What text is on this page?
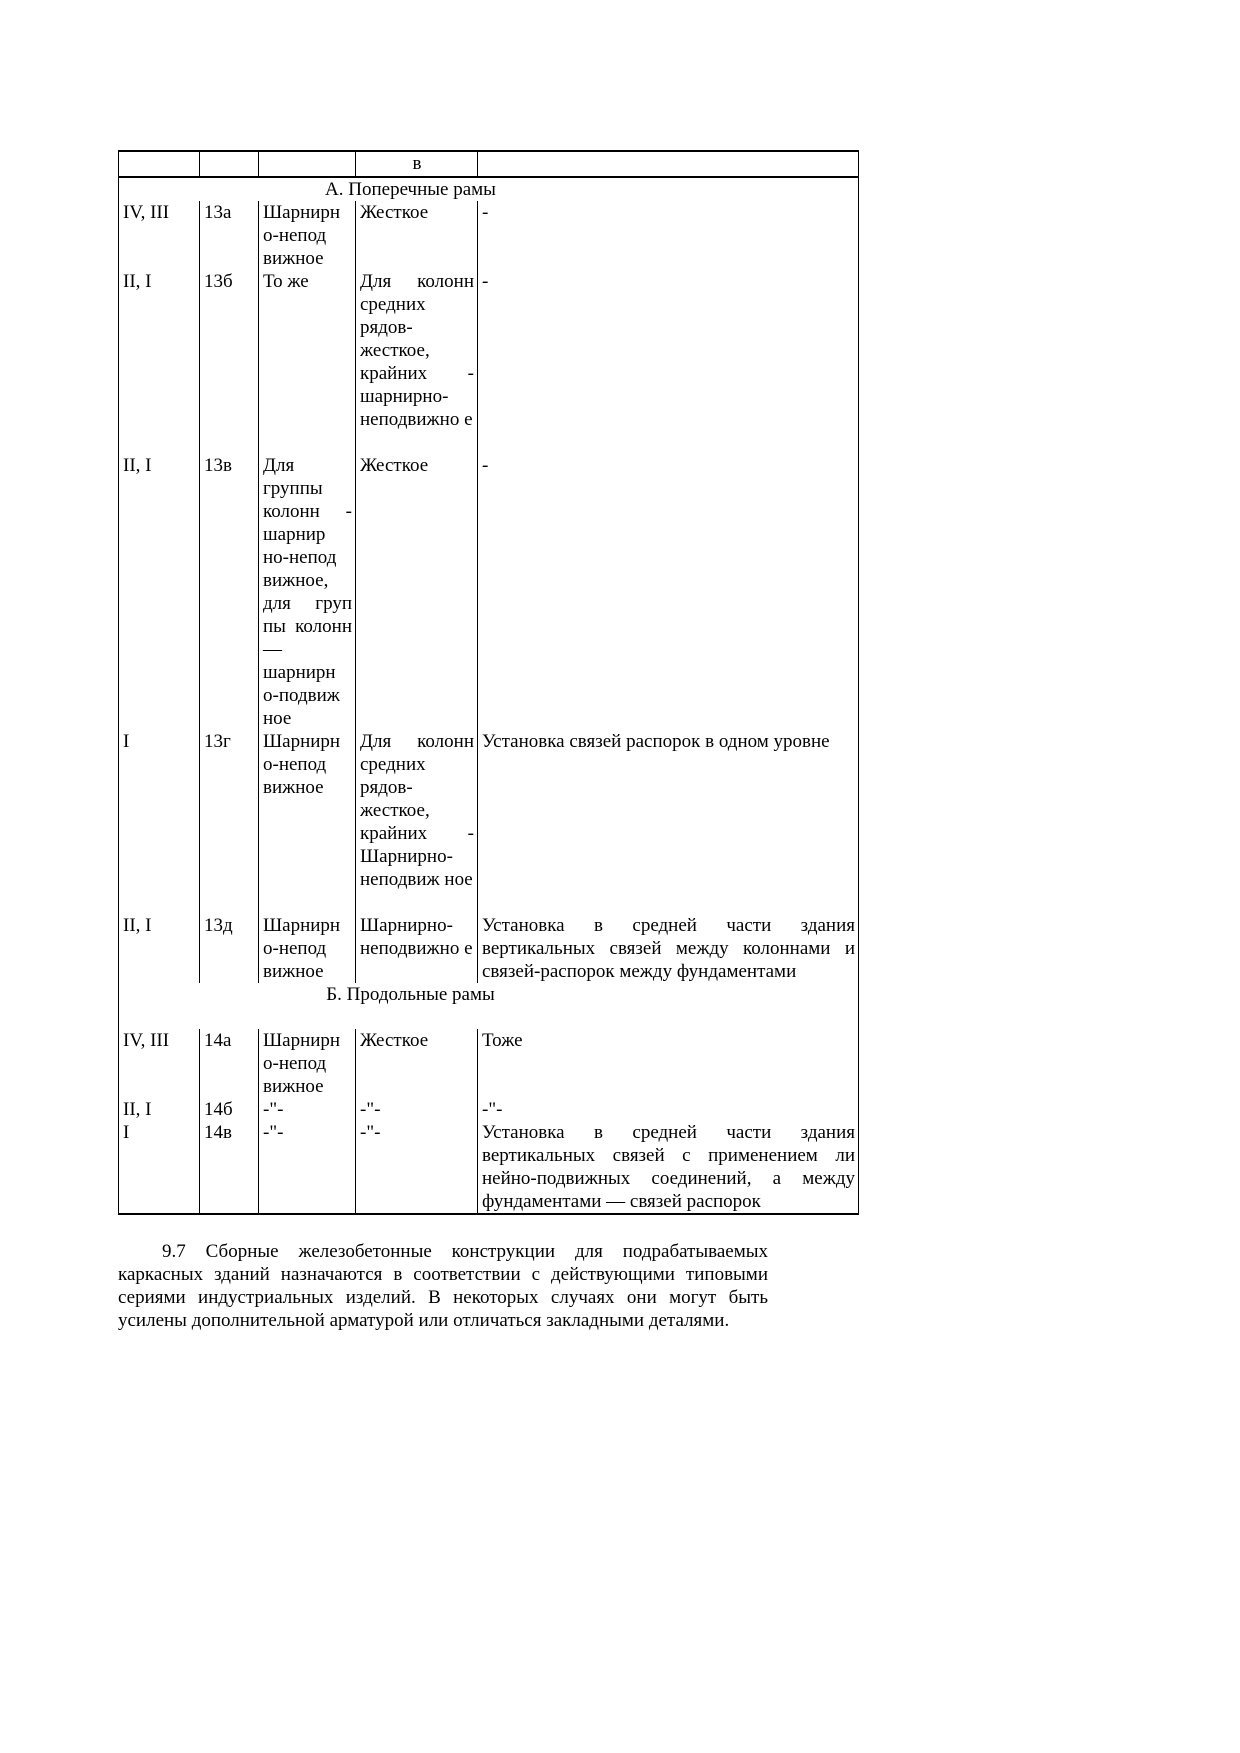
			в	
А. Поперечные рамы				
IV, III	13а	Шарнирн о-непод вижное	Жесткое	-
II, I	13б	То же	Для колонн средних рядов- жесткое, крайних - шарнирно- неподвижно е	-
II, I	13в	Для группы колонн - шарнир но-непод вижное, для груп пы колонн— шарнирн о-подвиж ное	Жесткое	-
I	13г	Шарнирн о-непод вижное	Для колонн средних рядов- жесткое, крайних - Шарнирно- неподвиж ное	Установка связей распорок в одном уровне
II, I	13д	Шарнирн о-непод вижное	Шарнирно- неподвижно е	Установка в средней части здания вертикальных связей между колоннами и связей-распорок между фундаментами
Б. Продольные рамы				
IV, III	14а	Шарнирн о-непод вижное	Жесткое	Тоже
II, I	14б	-"-	-"-	-"-
I	14в	-"-	-"-	Установка в средней части здания вертикальных связей с применением ли нейно-подвижных соединений, а между фундаментами — связей распорок

9.7 Сборные железобетонные конструкции для подрабатываемых каркасных зданий назначаются в соответствии с действующими типовыми сериями индустриальных изделий. В некоторых случаях они могут быть усилены дополнительной арматурой или отличаться закладными деталями.
